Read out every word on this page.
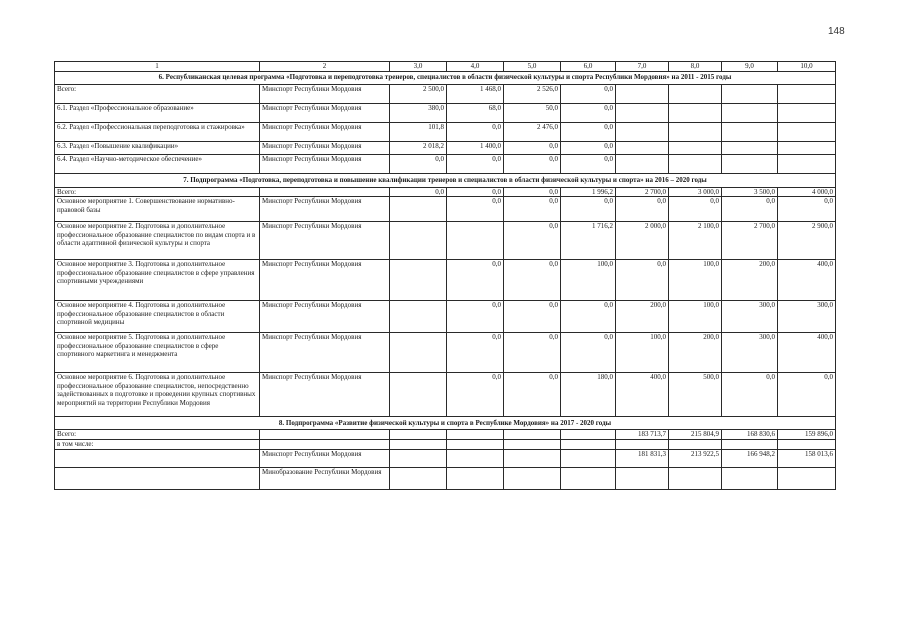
148
1	2	3,0	4,0	5,0	6,0	7,0	8,0	9,0	10,0
6. Республиканская целевая программа «Подготовка и переподготовка тренеров, специалистов в области физической культуры и спорта Республики Мордовия» на 2011 - 2015 годы									
Всего:	Минспорт Республики Мордовия	2 500,0	1 468,0	2 526,0	0,0				
6.1. Раздел «Профессиональное образование»	Минспорт Республики Мордовия	380,0	68,0	50,0	0,0				
6.2. Раздел «Профессиональная переподготовка и стажировка»	Минспорт Республики Мордовия	101,8	0,0	2 476,0	0,0				
6.3. Раздел «Повышение квалификации»	Минспорт Республики Мордовия	2 018,2	1 400,0	0,0	0,0				
6.4. Раздел «Научно-методическое обеспечение»	Минспорт Республики Мордовия	0,0	0,0	0,0	0,0				
7. Подпрограмма «Подготовка, переподготовка и повышение квалификации тренеров и специалистов в области физической культуры и спорта» на 2016 – 2020 годы									
Всего:		0,0	0,0	0,0	1 996,2	2 700,0	3 000,0	3 500,0	4 000,0
Основное мероприятие 1. Совершенствование нормативно-правовой базы	Минспорт Республики Мордовия		0,0	0,0	0,0	0,0	0,0	0,0	0,0
Основное мероприятие 2. Подготовка и дополнительное профессиональное образование специалистов по видам спорта и в области адаптивной физической культуры и спорта	Минспорт Республики Мордовия			0,0	1 716,2	2 000,0	2 100,0	2 700,0	2 900,0
Основное мероприятие 3. Подготовка и дополнительное профессиональное образование специалистов в сфере управления спортивными учреждениями	Минспорт Республики Мордовия		0,0	0,0	100,0	0,0	100,0	200,0	400,0
Основное мероприятие 4. Подготовка и дополнительное профессиональное образование специалистов в области спортивной медицины	Минспорт Республики Мордовия		0,0	0,0	0,0	200,0	100,0	300,0	300,0
Основное мероприятие 5. Подготовка и дополнительное профессиональное образование специалистов в сфере спортивного маркетинга и менеджмента	Минспорт Республики Мордовия		0,0	0,0	0,0	100,0	200,0	300,0	400,0
Основное мероприятие 6. Подготовка и дополнительное профессиональное образование специалистов, непосредственно задействованных в подготовке и проведении крупных спортивных мероприятий на территории Республики Мордовия	Минспорт Республики Мордовия		0,0	0,0	180,0	400,0	500,0	0,0	0,0
8. Подпрограмма «Развитие физической культуры и спорта в Республике Мордовия» на 2017 - 2020 годы									
Всего:						183 713,7	215 804,9	168 830,6	159 896,0
в том числе:									
	Минспорт Республики Мордовия					181 831,3	213 922,5	166 948,2	158 013,6
	Минобразование Республики Мордовия								
